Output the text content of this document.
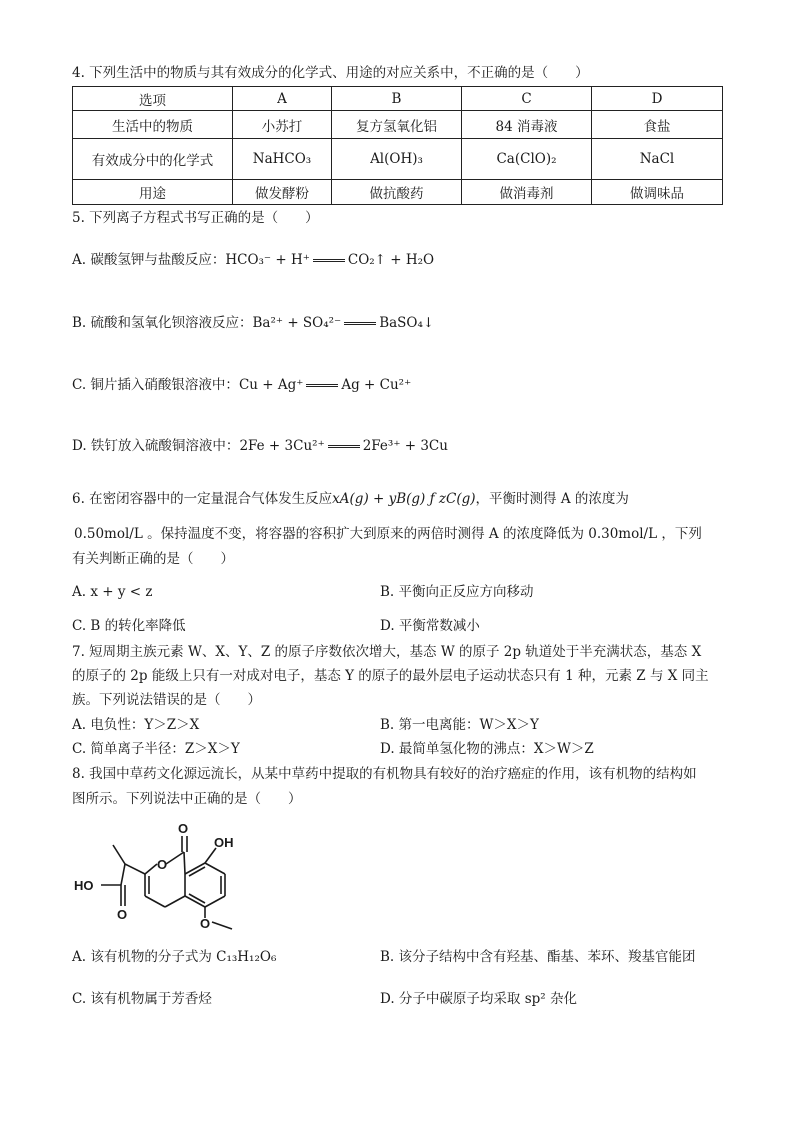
4. 下列生活中的物质与其有效成分的化学式、用途的对应关系中，不正确的是（　　）
选项	A	B	C	D
生活中的物质	小苏打	复方氢氧化铝	84 消毒液	食盐
有效成分中的化学式	NaHCO₃	Al(OH)₃	Ca(ClO)₂	NaCl
用途	做发酵粉	做抗酸药	做消毒剂	做调味品
5. 下列离子方程式书写正确的是（　　）
A. 碳酸氢钾与盐酸反应：HCO₃⁻ + H⁺	CO₂↑ + H₂O
B. 硫酸和氢氧化钡溶液反应：Ba²⁺ + SO₄²⁻	BaSO₄↓
C. 铜片插入硝酸银溶液中：Cu + Ag⁺	Ag + Cu²⁺
D. 铁钉放入硫酸铜溶液中：2Fe + 3Cu²⁺	2Fe³⁺ + 3Cu
6. 在密闭容器中的一定量混合气体发生反应xA(g) + yB(g) ƒ zC(g)，平衡时测得 A 的浓度为
0.50mol/L 。保持温度不变，将容器的容积扩大到原来的两倍时测得 A 的浓度降低为 0.30mol/L ，下列
有关判断正确的是（　　）
A. x + y < z	B. 平衡向正反应方向移动
C. B 的转化率降低	D. 平衡常数减小
7. 短周期主族元素 W、X、Y、Z 的原子序数依次增大，基态 W 的原子 2p 轨道处于半充满状态，基态 X
的原子的 2p 能级上只有一对成对电子，基态 Y 的原子的最外层电子运动状态只有 1 种，元素 Z 与 X 同主
族。下列说法错误的是（　　）
A. 电负性：Y＞Z＞X	B. 第一电离能：W＞X＞Y
C. 简单离子半径：Z＞X＞Y	D. 最简单氢化物的沸点：X＞W＞Z
8. 我国中草药文化源远流长，从某中草药中提取的有机物具有较好的治疗癌症的作用，该有机物的结构如
图所示。下列说法中正确的是（　　）
O
OH
O
HO
O
O
A. 该有机物的分子式为 C₁₃H₁₂O₆	B. 该分子结构中含有羟基、酯基、苯环、羧基官能团
C. 该有机物属于芳香烃	D. 分子中碳原子均采取 sp² 杂化
